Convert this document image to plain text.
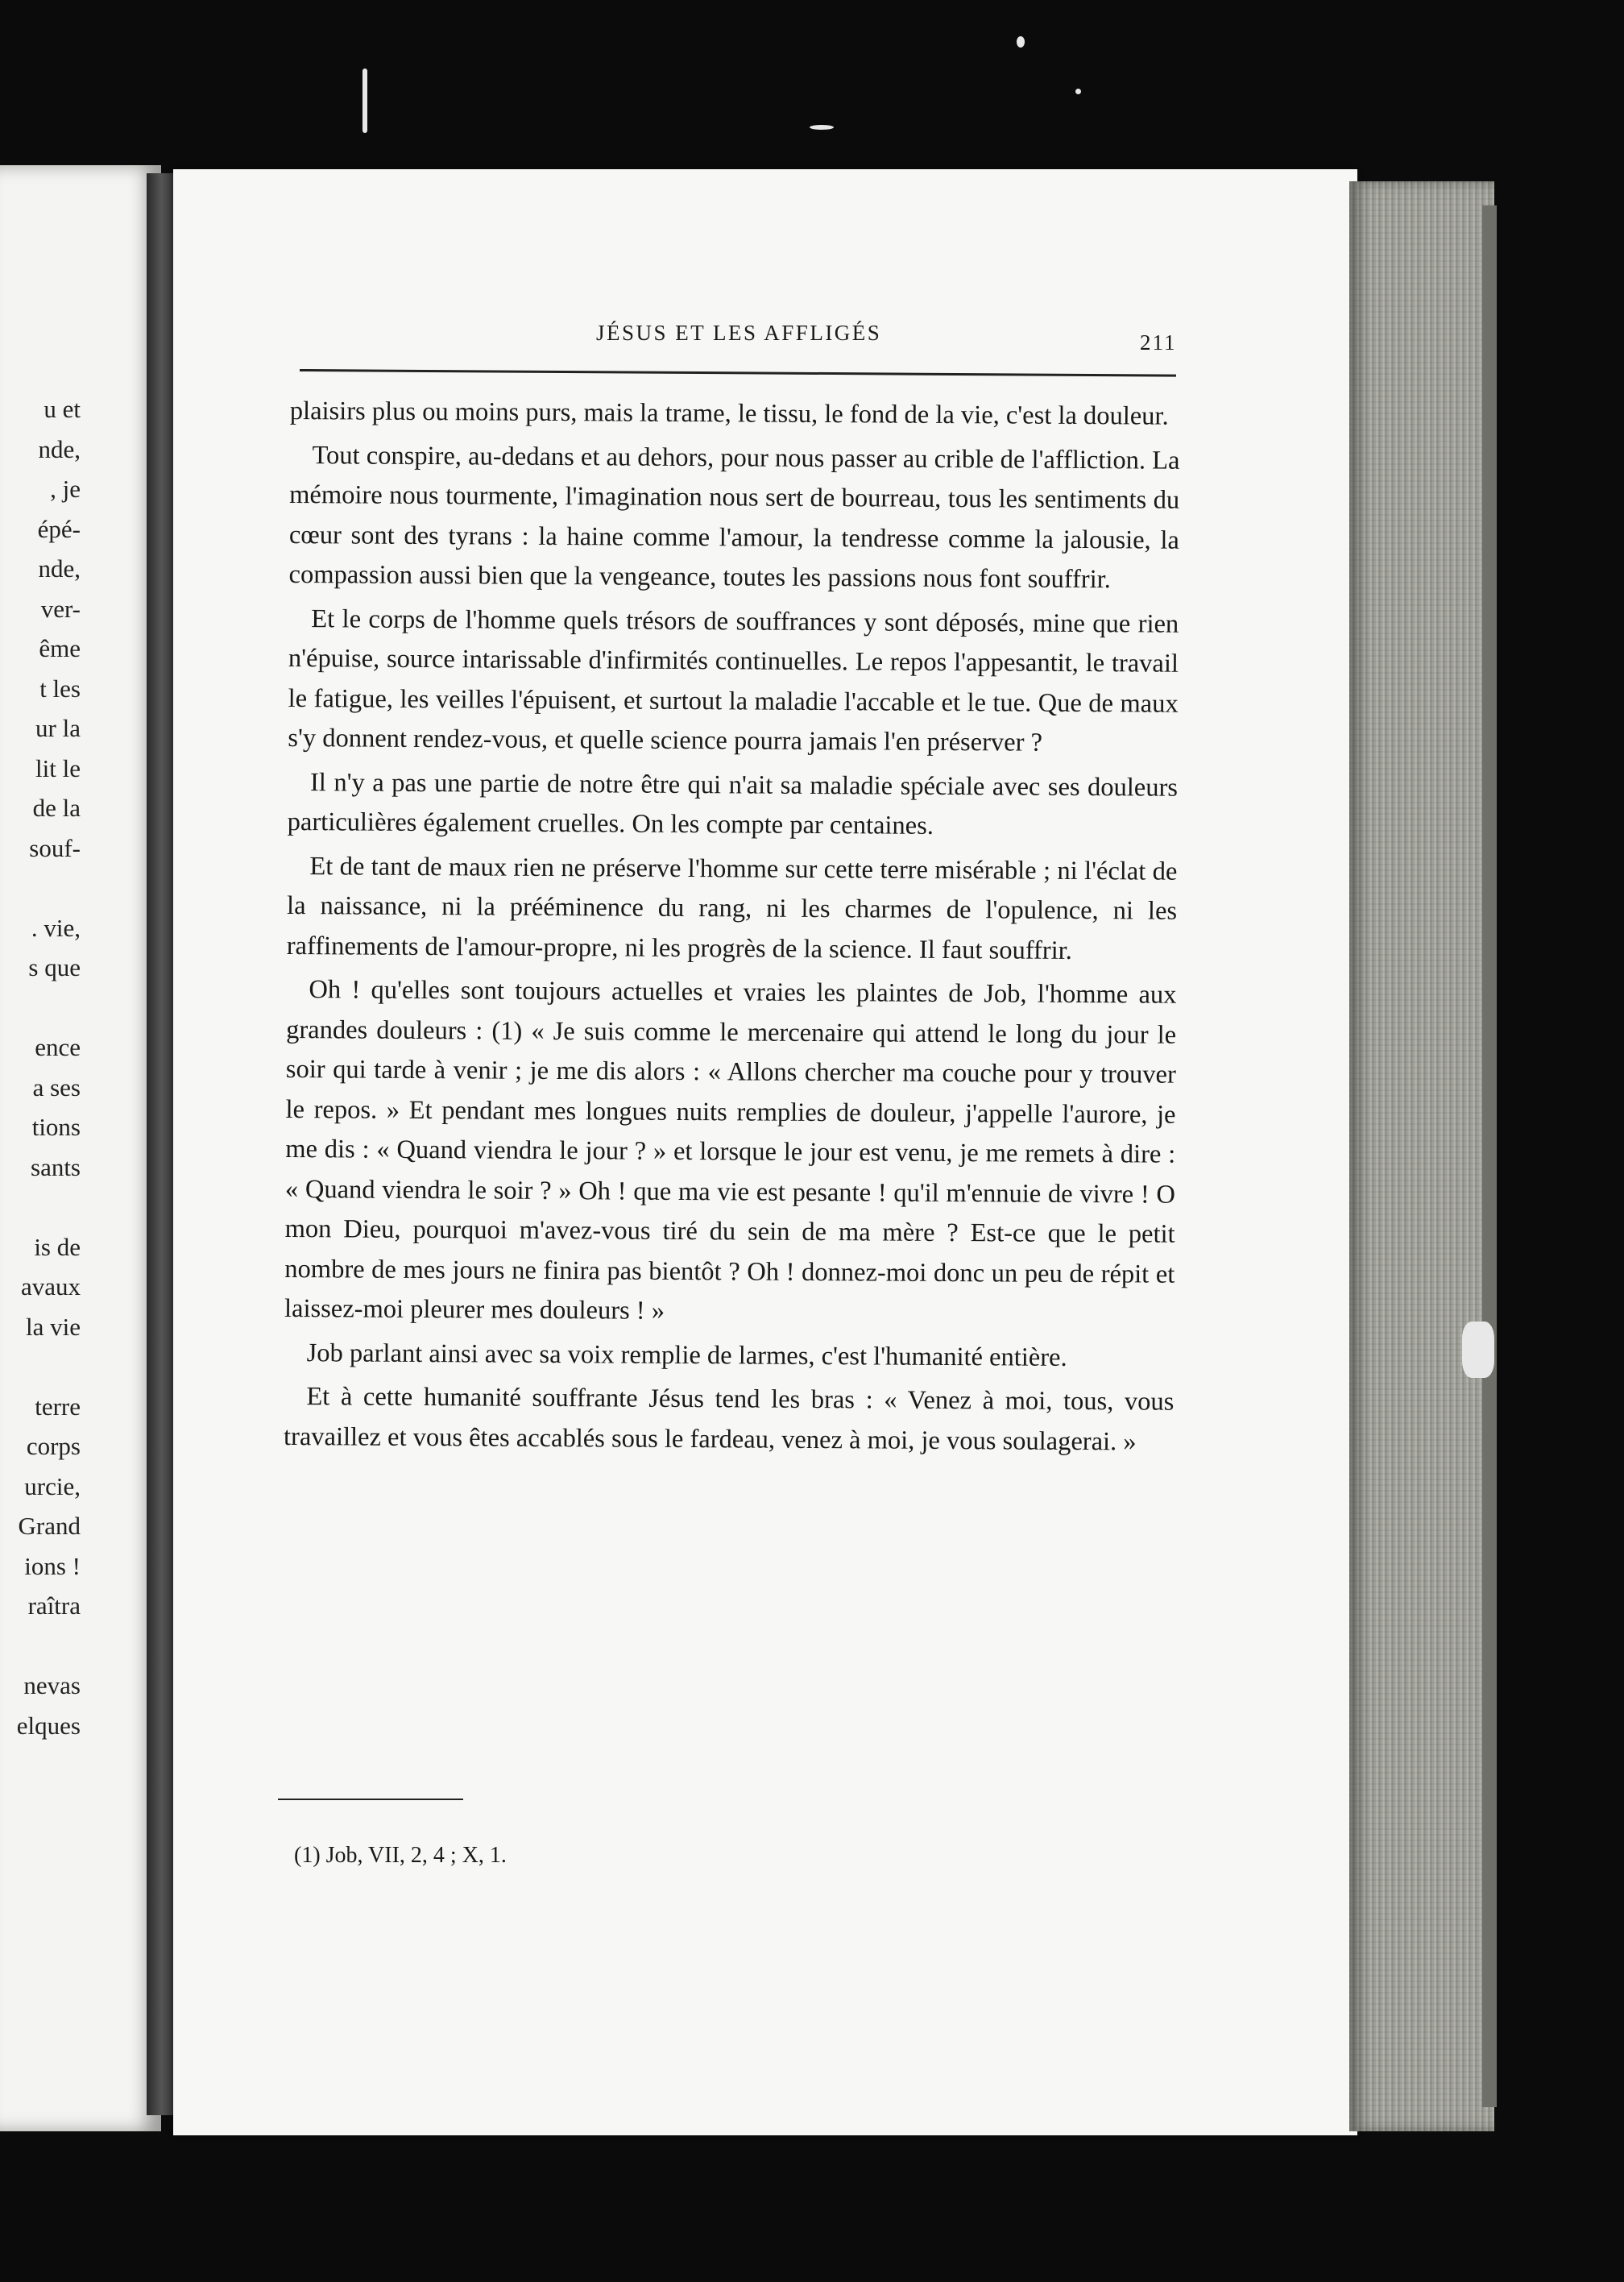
u et
nde,
, je
épé-
nde,
ver-
ême
t les
ur la
lit le
de la
souf-
. vie,
s que
ence
a ses
tions
sants
is de
avaux
la vie
terre
corps
urcie,
Grand
ions !
raîtra
nevas
elques
JÉSUS ET LES AFFLIGÉS	211

plaisirs plus ou moins purs, mais la trame, le tissu, le fond de la vie, c'est la douleur.

Tout conspire, au-dedans et au dehors, pour nous passer au crible de l'affliction. La mémoire nous tourmente, l'imagination nous sert de bourreau, tous les sentiments du cœur sont des tyrans : la haine comme l'amour, la tendresse comme la jalousie, la compassion aussi bien que la vengeance, toutes les passions nous font souffrir.

Et le corps de l'homme quels trésors de souffrances y sont déposés, mine que rien n'épuise, source intarissable d'infirmités continuelles. Le repos l'appesantit, le travail le fatigue, les veilles l'épuisent, et surtout la maladie l'accable et le tue. Que de maux s'y donnent rendez-vous, et quelle science pourra jamais l'en préserver ?

Il n'y a pas une partie de notre être qui n'ait sa maladie spéciale avec ses douleurs particulières également cruelles. On les compte par centaines.

Et de tant de maux rien ne préserve l'homme sur cette terre misérable ; ni l'éclat de la naissance, ni la prééminence du rang, ni les charmes de l'opulence, ni les raffinements de l'amour-propre, ni les progrès de la science. Il faut souffrir.

Oh ! qu'elles sont toujours actuelles et vraies les plaintes de Job, l'homme aux grandes douleurs : (1) « Je suis comme le mercenaire qui attend le long du jour le soir qui tarde à venir ; je me dis alors : « Allons chercher ma couche pour y trouver le repos. » Et pendant mes longues nuits remplies de douleur, j'appelle l'aurore, je me dis : « Quand viendra le jour ? » et lorsque le jour est venu, je me remets à dire : « Quand viendra le soir ? » Oh ! que ma vie est pesante ! qu'il m'ennuie de vivre ! O mon Dieu, pourquoi m'avez-vous tiré du sein de ma mère ? Est-ce que le petit nombre de mes jours ne finira pas bientôt ? Oh ! donnez-moi donc un peu de répit et laissez-moi pleurer mes douleurs ! »

Job parlant ainsi avec sa voix remplie de larmes, c'est l'humanité entière.

Et à cette humanité souffrante Jésus tend les bras : « Venez à moi, tous, vous travaillez et vous êtes accablés sous le fardeau, venez à moi, je vous soulagerai. »

(1) Job, VII, 2, 4 ; X, 1.
